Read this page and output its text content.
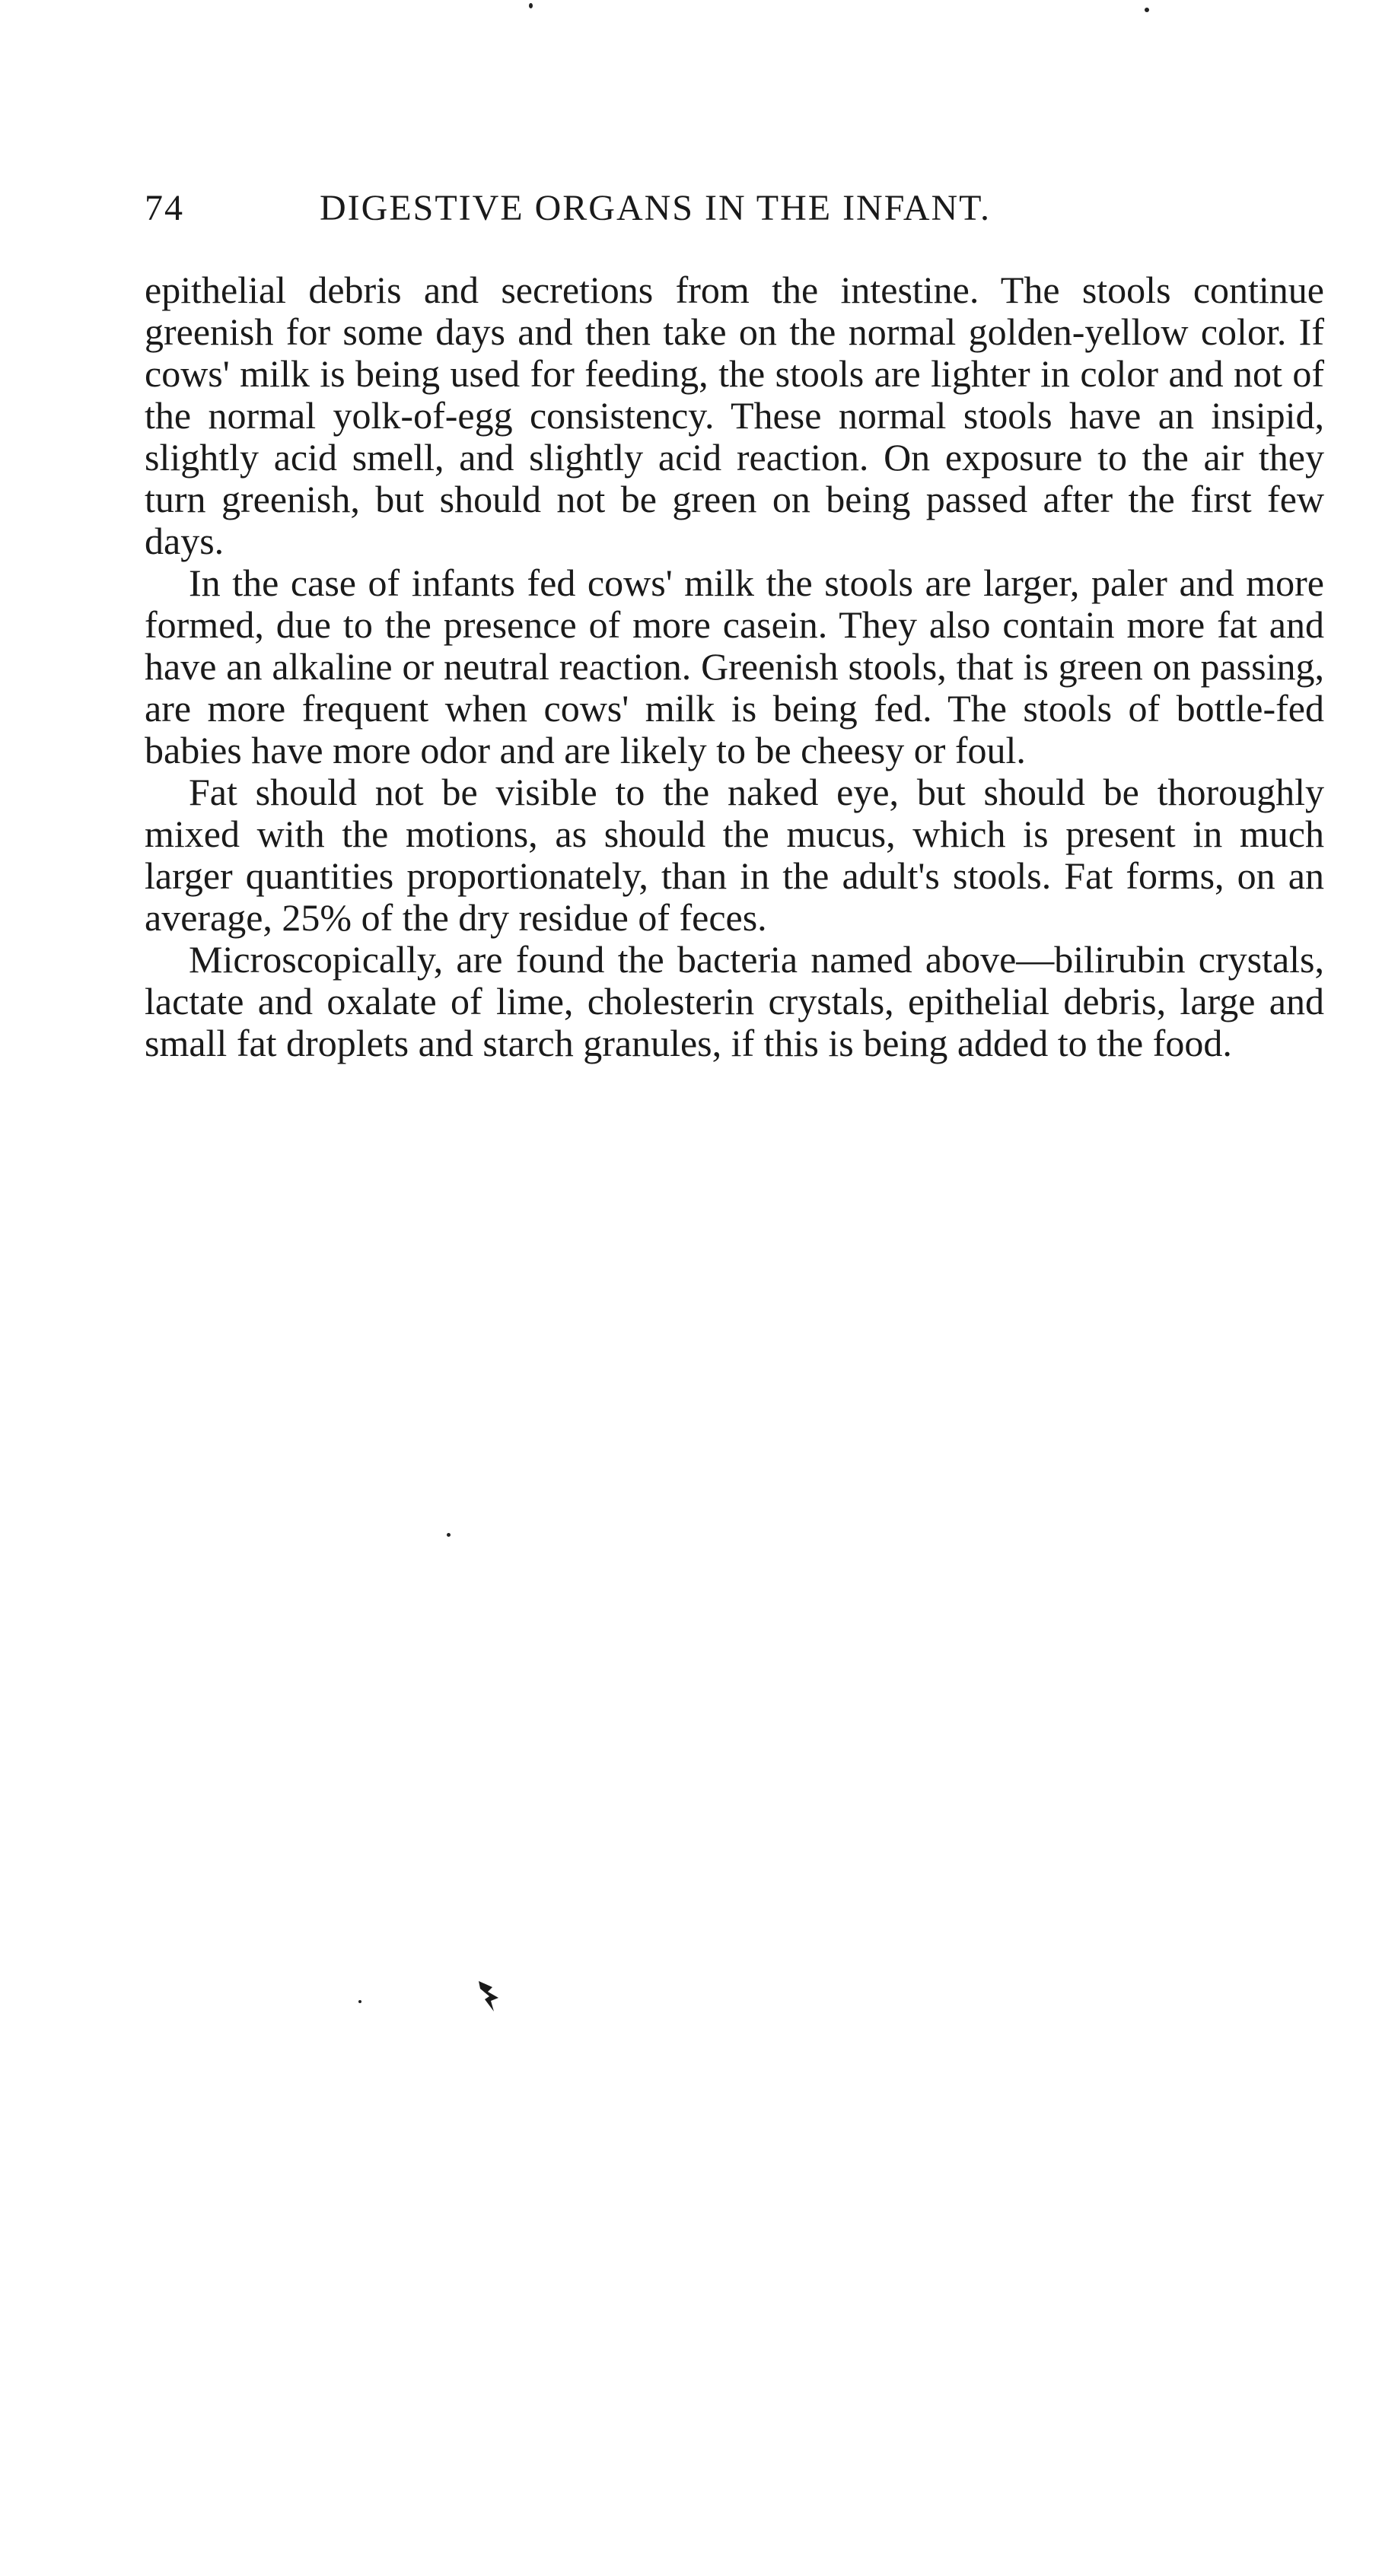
74	DIGESTIVE ORGANS IN THE INFANT.

epithelial debris and secretions from the intestine. The stools continue greenish for some days and then take on the normal golden-yellow color. If cows' milk is being used for feeding, the stools are lighter in color and not of the normal yolk-of-egg consistency. These normal stools have an insipid, slightly acid smell, and slightly acid reaction. On exposure to the air they turn greenish, but should not be green on being passed after the first few days.

In the case of infants fed cows' milk the stools are larger, paler and more formed, due to the presence of more casein. They also contain more fat and have an alkaline or neutral reaction. Greenish stools, that is green on passing, are more frequent when cows' milk is being fed. The stools of bottle-fed babies have more odor and are likely to be cheesy or foul.

Fat should not be visible to the naked eye, but should be thoroughly mixed with the motions, as should the mucus, which is present in much larger quantities proportionately, than in the adult's stools. Fat forms, on an average, 25% of the dry residue of feces.

Microscopically, are found the bacteria named above—bilirubin crystals, lactate and oxalate of lime, cholesterin crystals, epithelial debris, large and small fat droplets and starch granules, if this is being added to the food.
